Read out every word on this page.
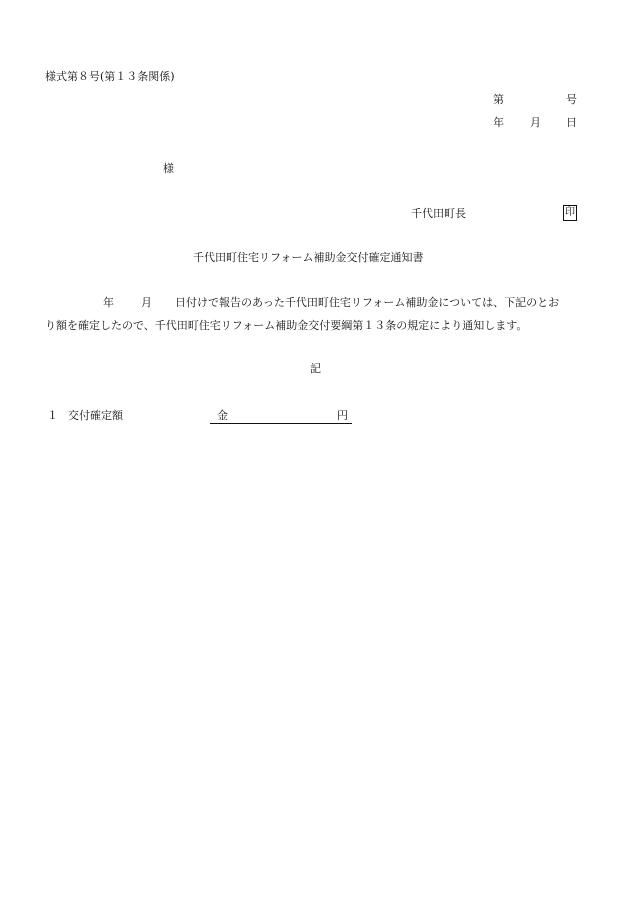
様式第８号(第１３条関係)
第	号
年 月 日
様
千代田町長	印
千代田町住宅リフォーム補助金交付確定通知書
年 月 日付けで報告のあった千代田町住宅リフォーム補助金については、下記のとお
り額を確定したので、千代田町住宅リフォーム補助金交付要綱第１３条の規定により通知します。
記
１ 交付確定額	金	円
